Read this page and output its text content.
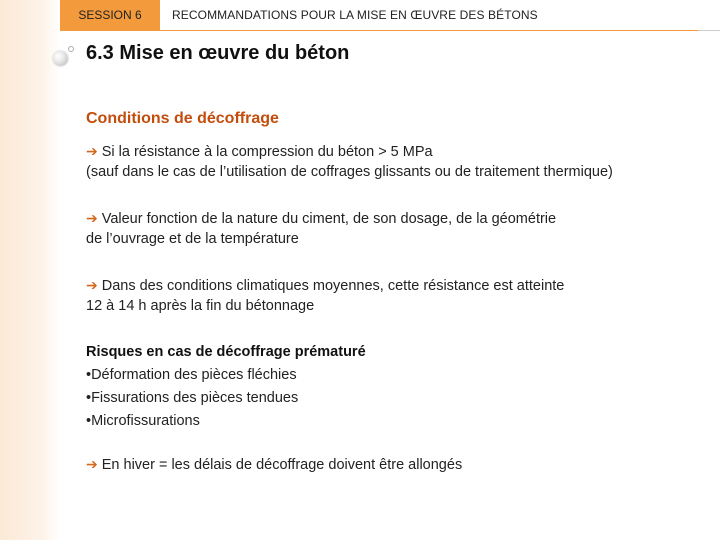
SESSION 6	RECOMMANDATIONS POUR LA MISE EN ŒUVRE DES BÉTONS
6.3 Mise en œuvre du béton
Conditions de décoffrage
➔ Si la résistance à la compression du béton > 5 MPa
(sauf dans le cas de l’utilisation de coffrages glissants ou de traitement thermique)
➔ Valeur fonction de la nature du ciment, de son dosage, de la géométrie
de l’ouvrage et de la température
➔ Dans des conditions climatiques moyennes, cette résistance est atteinte
12 à 14 h après la fin du bétonnage
Risques en cas de décoffrage prématuré
•Déformation des pièces fléchies
•Fissurations des pièces tendues
•Microfissurations
➔ En hiver = les délais de décoffrage doivent être allongés
